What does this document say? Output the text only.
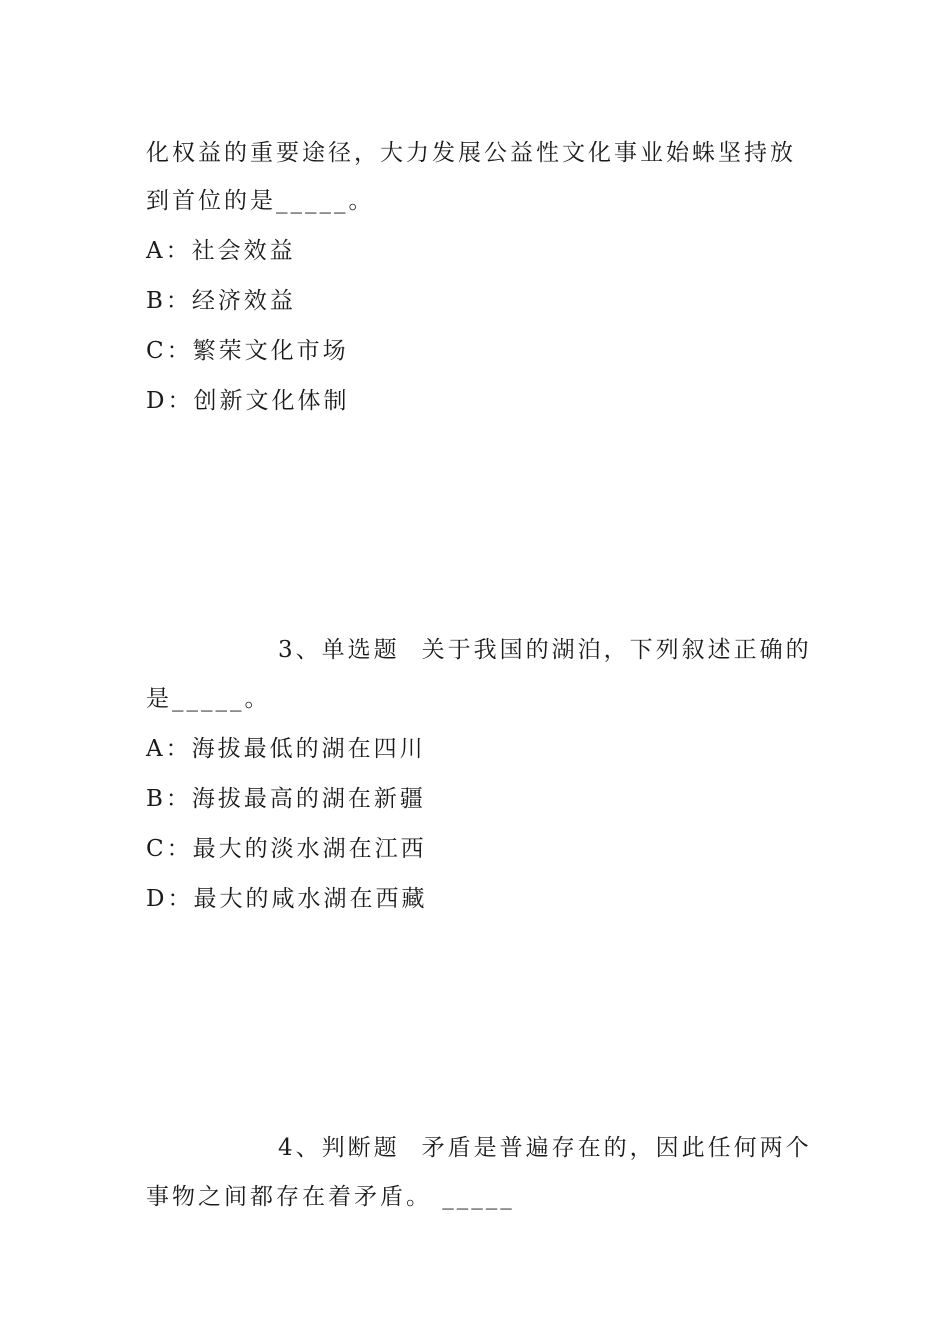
化权益的重要途径，大力发展公益性文化事业始蛛坚持放
到首位的是_____。
A：社会效益
B：经济效益
C：繁荣文化市场
D：创新文化体制
3、单选题 关于我国的湖泊，下列叙述正确的
是_____。
A：海拔最低的湖在四川
B：海拔最高的湖在新疆
C：最大的淡水湖在江西
D：最大的咸水湖在西藏
4、判断题 矛盾是普遍存在的，因此任何两个
事物之间都存在着矛盾。 _____
